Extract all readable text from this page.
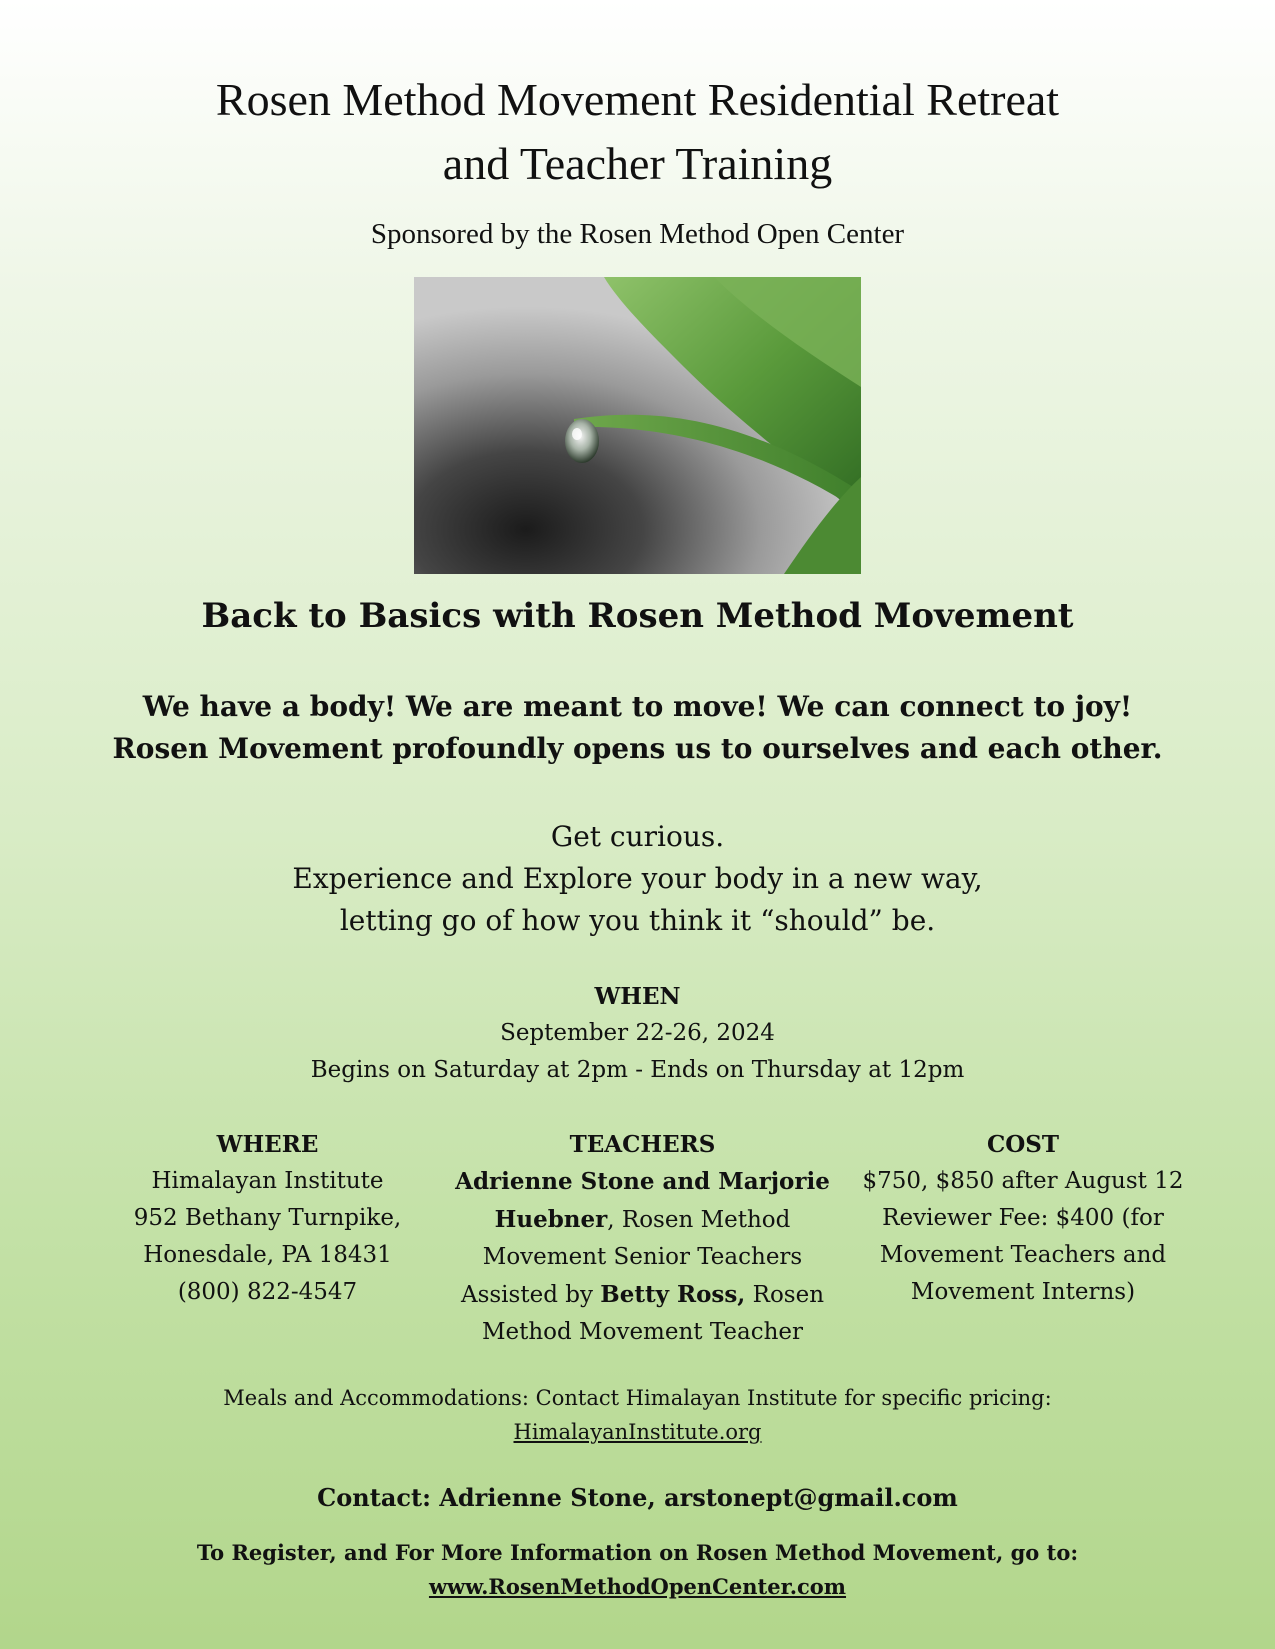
Rosen Method Movement Residential Retreat
and Teacher Training
Sponsored by the Rosen Method Open Center
Back to Basics with Rosen Method Movement
We have a body! We are meant to move! We can connect to joy!
Rosen Movement profoundly opens us to ourselves and each other.
Get curious.
Experience and Explore your body in a new way,
letting go of how you think it “should” be.
WHEN
September 22-26, 2024
Begins on Saturday at 2pm - Ends on Thursday at 12pm
WHERE
Himalayan Institute
952 Bethany Turnpike,
Honesdale, PA 18431
(800) 822-4547
TEACHERS
Adrienne Stone and Marjorie Huebner, Rosen Method Movement Senior Teachers Assisted by Betty Ross, Rosen Method Movement Teacher
COST
$750, $850 after August 12
Reviewer Fee: $400 (for Movement Teachers and Movement Interns)
Meals and Accommodations: Contact Himalayan Institute for specific pricing:
HimalayanInstitute.org
Contact: Adrienne Stone, arstonept@gmail.com
To Register, and For More Information on Rosen Method Movement, go to:
www.RosenMethodOpenCenter.com
